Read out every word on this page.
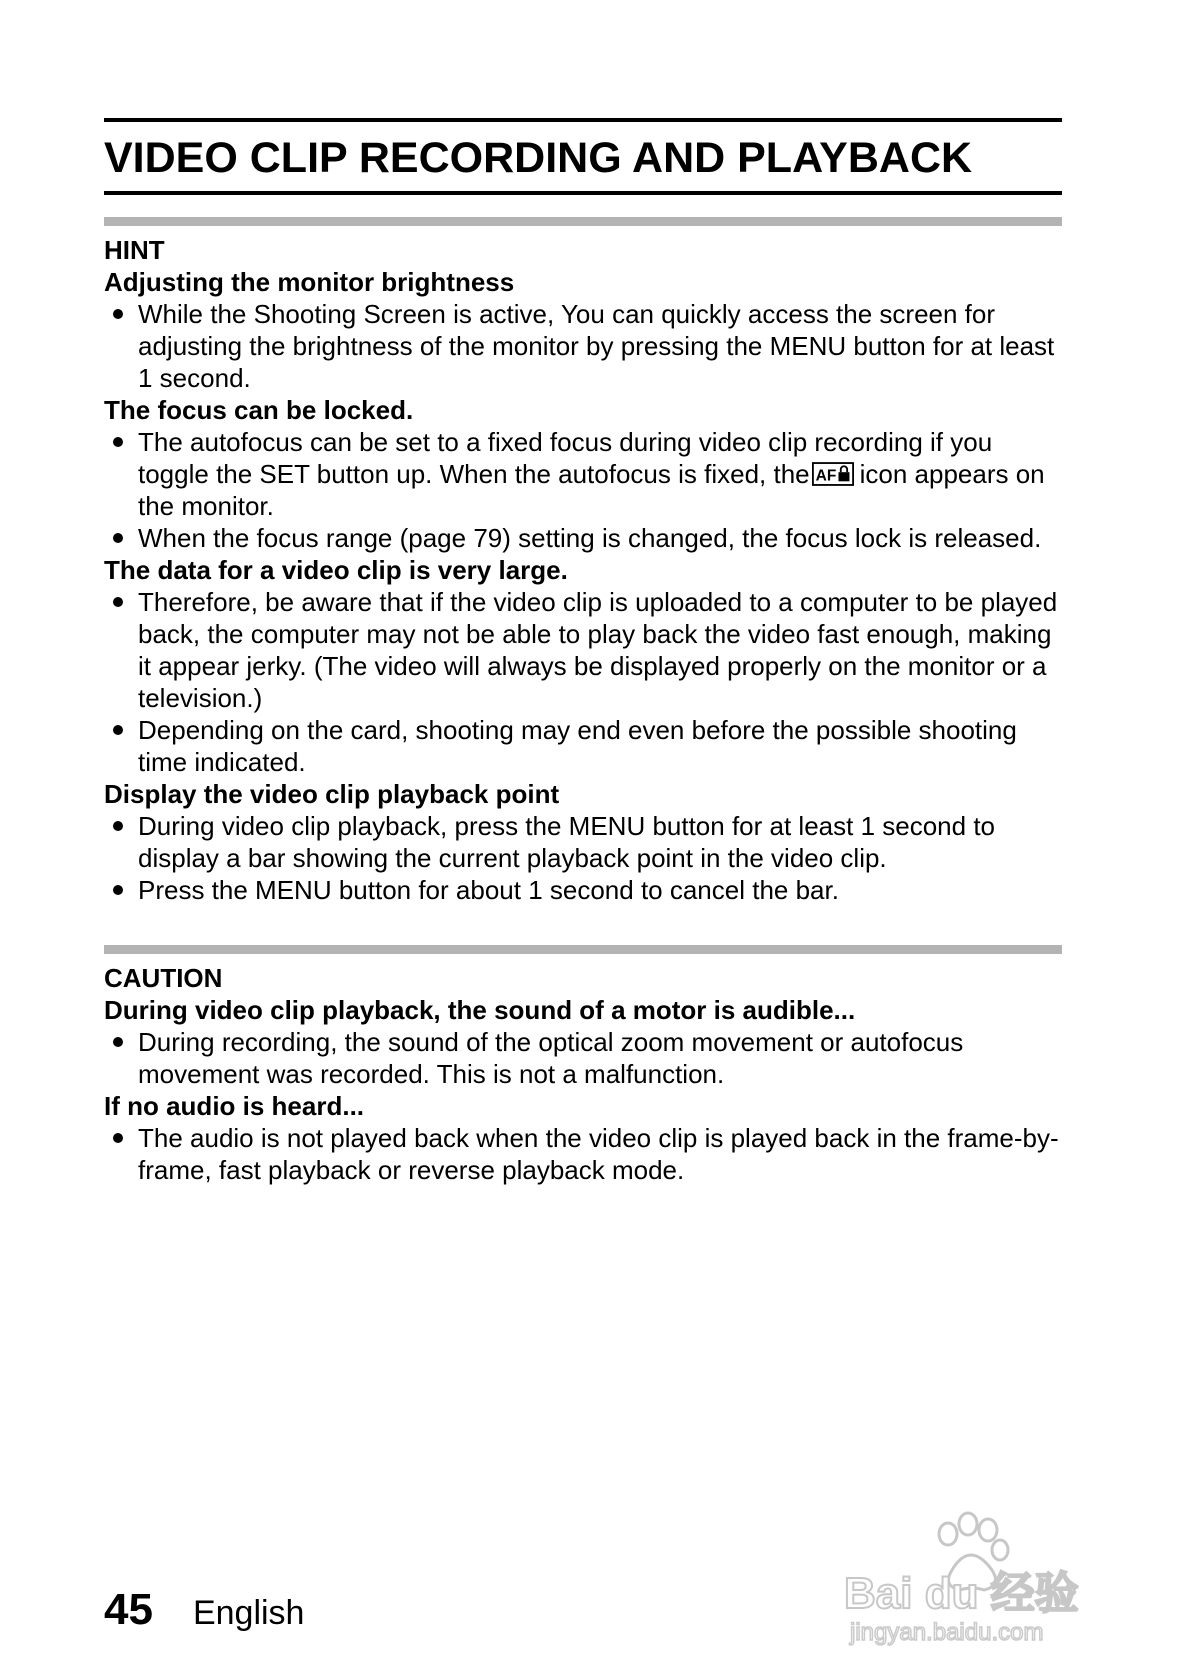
VIDEO CLIP RECORDING AND PLAYBACK
HINT
Adjusting the monitor brightness
While the Shooting Screen is active, You can quickly access the screen for adjusting the brightness of the monitor by pressing the MENU button for at least 1 second.
The focus can be locked.
The autofocus can be set to a fixed focus during video clip recording if you toggle the SET button up. When the autofocus is fixed, the AF icon appears on the monitor.
When the focus range (page 79) setting is changed, the focus lock is released.
The data for a video clip is very large.
Therefore, be aware that if the video clip is uploaded to a computer to be played back, the computer may not be able to play back the video fast enough, making it appear jerky. (The video will always be displayed properly on the monitor or a television.)
Depending on the card, shooting may end even before the possible shooting time indicated.
Display the video clip playback point
During video clip playback, press the MENU button for at least 1 second to display a bar showing the current playback point in the video clip.
Press the MENU button for about 1 second to cancel the bar.
CAUTION
During video clip playback, the sound of a motor is audible...
During recording, the sound of the optical zoom movement or autofocus movement was recorded. This is not a malfunction.
If no audio is heard...
The audio is not played back when the video clip is played back in the frame-by-frame, fast playback or reverse playback mode.
45 English	Bai du 经验
jingyan.baidu.com
